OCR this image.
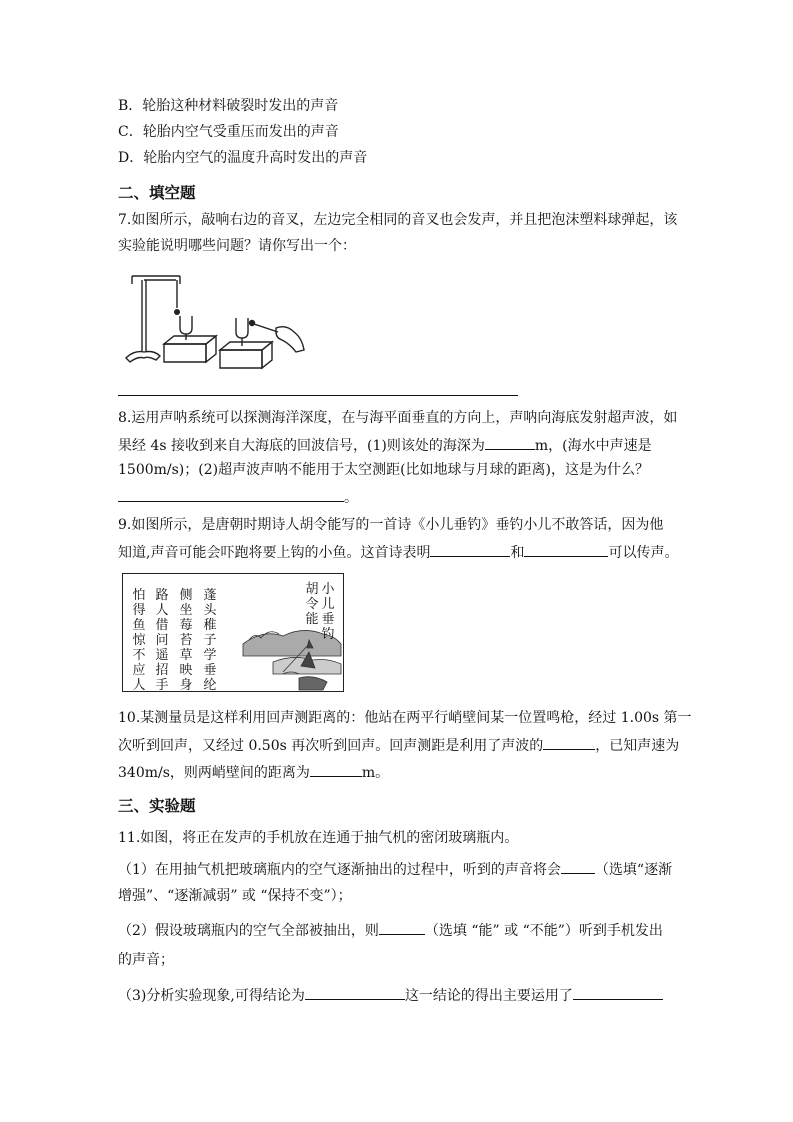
B．轮胎这种材料破裂时发出的声音
C．轮胎内空气受重压而发出的声音
D．轮胎内空气的温度升高时发出的声音
二、填空题
7.如图所示，敲响右边的音叉，左边完全相同的音叉也会发声，并且把泡沫塑料球弹起，该
实验能说明哪些问题？请你写出一个：
8.运用声呐系统可以探测海洋深度，在与海平面垂直的方向上，声呐向海底发射超声波，如
果经 4s 接收到来自大海底的回波信号，(1)则该处的海深为	m，(海水中声速是
1500m/s)；(2)超声波声呐不能用于太空测距(比如地球与月球的距离)，这是为什么？
。
9.如图所示，是唐朝时期诗人胡令能写的一首诗《小儿垂钓》垂钓小儿不敢答话，因为他
知道,声音可能会吓跑将要上钩的小鱼。这首诗表明	和	可以传声。
小儿垂钓
胡令能
蓬头稚子学垂纶
侧坐莓苔草映身
路人借问遥招手
怕得鱼惊不应人
10.某测量员是这样利用回声测距离的：他站在两平行峭壁间某一位置鸣枪，经过 1.00s 第一
次听到回声，又经过 0.50s 再次听到回声。回声测距是利用了声波的	，已知声速为
340m/s，则两峭壁间的距离为	m。
三、实验题
11.如图，将正在发声的手机放在连通于抽气机的密闭玻璃瓶内。
（1）在用抽气机把玻璃瓶内的空气逐渐抽出的过程中，听到的声音将会 （选填“逐渐
增强”、“逐渐减弱” 或 “保持不变”）；
（2）假设玻璃瓶内的空气全部被抽出，则	（选填 “能” 或 “不能”）听到手机发出
的声音；
（3)分析实验现象,可得结论为	这一结论的得出主要运用了
